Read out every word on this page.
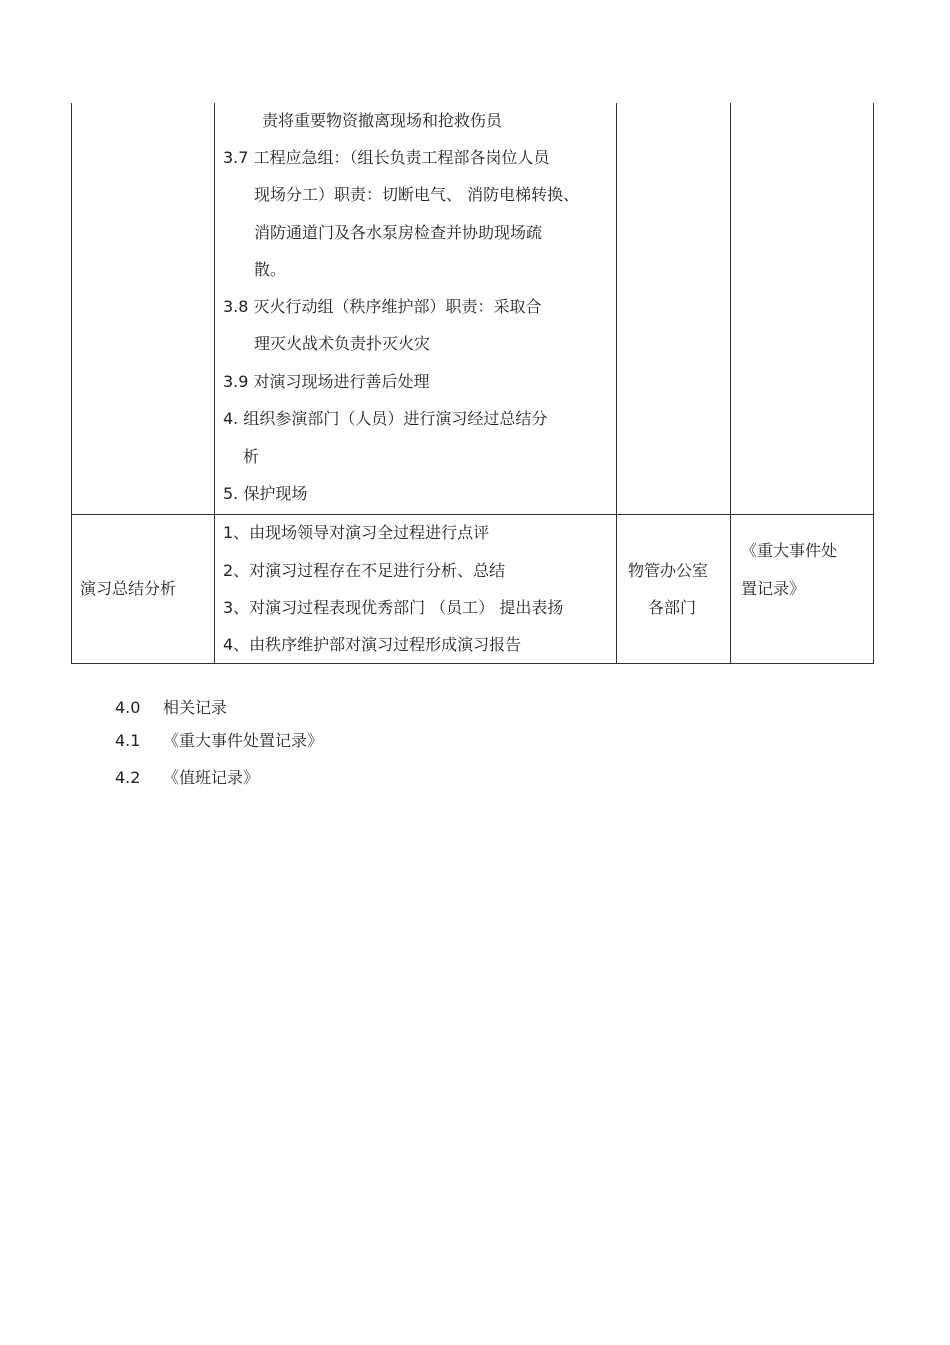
责将重要物资撤离现场和抢救伤员
3.7 工程应急组：（组长负责工程部各岗位人员
现场分工）职责：切断电气、 消防电梯转换、
消防通道门及各水泵房检查并协助现场疏
散。
3.8 灭火行动组（秩序维护部）职责：采取合
理灭火战术负责扑灭火灾
3.9 对演习现场进行善后处理
4. 组织参演部门（人员）进行演习经过总结分
析
5. 保护现场
演习总结分析
1、由现场领导对演习全过程进行点评
2、对演习过程存在不足进行分析、总结
3、对演习过程表现优秀部门 （员工） 提出表扬
4、由秩序维护部对演习过程形成演习报告
物管办公室
各部门
《重大事件处
置记录》
4.0 相关记录
4.1 《重大事件处置记录》
4.2 《值班记录》
